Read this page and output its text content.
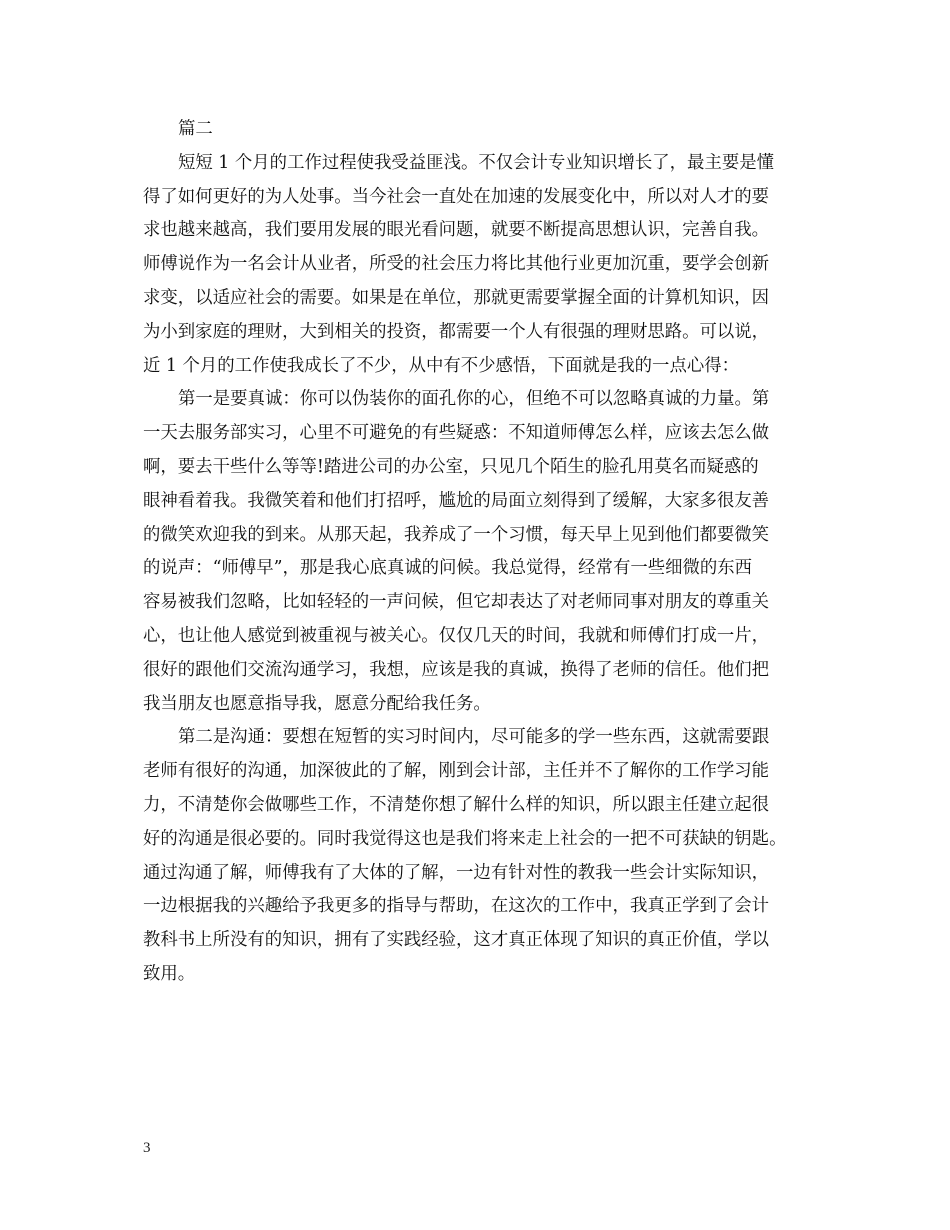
篇二
短短 1 个月的工作过程使我受益匪浅。不仅会计专业知识增长了，最主要是懂
得了如何更好的为人处事。当今社会一直处在加速的发展变化中，所以对人才的要
求也越来越高，我们要用发展的眼光看问题，就要不断提高思想认识，完善自我。
师傅说作为一名会计从业者，所受的社会压力将比其他行业更加沉重，要学会创新
求变，以适应社会的需要。如果是在单位，那就更需要掌握全面的计算机知识，因
为小到家庭的理财，大到相关的投资，都需要一个人有很强的理财思路。可以说，
近 1 个月的工作使我成长了不少，从中有不少感悟，下面就是我的一点心得：
第一是要真诚：你可以伪装你的面孔你的心，但绝不可以忽略真诚的力量。第
一天去服务部实习，心里不可避免的有些疑惑：不知道师傅怎么样，应该去怎么做
啊，要去干些什么等等!踏进公司的办公室，只见几个陌生的脸孔用莫名而疑惑的
眼神看着我。我微笑着和他们打招呼，尴尬的局面立刻得到了缓解，大家多很友善
的微笑欢迎我的到来。从那天起，我养成了一个习惯，每天早上见到他们都要微笑
的说声：“师傅早”，那是我心底真诚的问候。我总觉得，经常有一些细微的东西
容易被我们忽略，比如轻轻的一声问候，但它却表达了对老师同事对朋友的尊重关
心，也让他人感觉到被重视与被关心。仅仅几天的时间，我就和师傅们打成一片，
很好的跟他们交流沟通学习，我想，应该是我的真诚，换得了老师的信任。他们把
我当朋友也愿意指导我，愿意分配给我任务。
第二是沟通：要想在短暂的实习时间内，尽可能多的学一些东西，这就需要跟
老师有很好的沟通，加深彼此的了解，刚到会计部，主任并不了解你的工作学习能
力，不清楚你会做哪些工作，不清楚你想了解什么样的知识，所以跟主任建立起很
好的沟通是很必要的。同时我觉得这也是我们将来走上社会的一把不可获缺的钥匙。
通过沟通了解，师傅我有了大体的了解，一边有针对性的教我一些会计实际知识，
一边根据我的兴趣给予我更多的指导与帮助，在这次的工作中，我真正学到了会计
教科书上所没有的知识，拥有了实践经验，这才真正体现了知识的真正价值，学以
致用。
3
